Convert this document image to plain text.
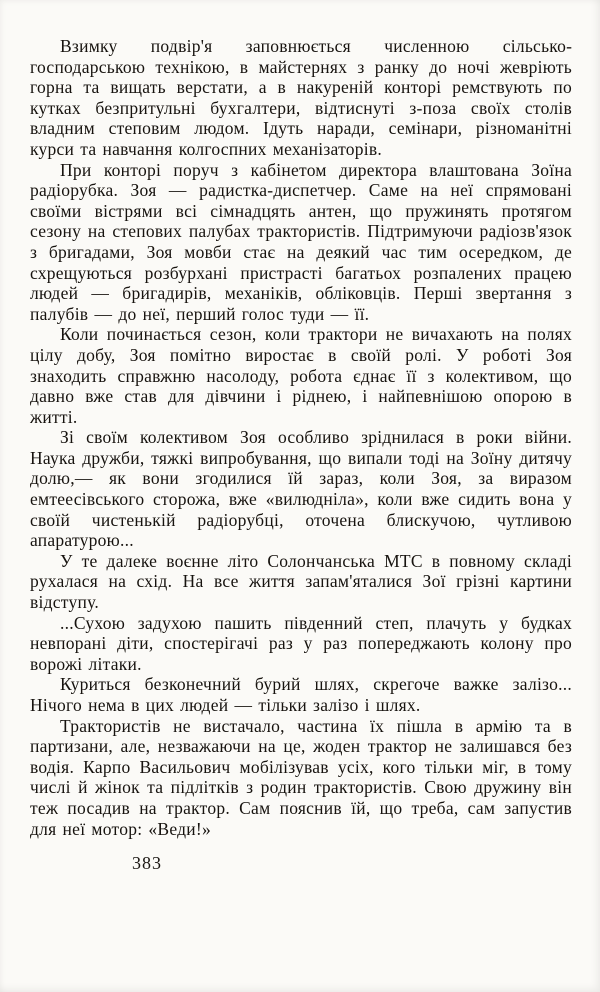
Взимку подвір'я заповнюється численною сільськогосподарською технікою, в майстернях з ранку до ночі жевріють горна та вищать верстати, а в накуреній конторі ремствують по кутках безпритульні бухгалтери, відтиснуті з-поза своїх столів владним степовим людом. Ідуть наради, семінари, різноманітні курси та навчання колгоспних механізаторів.

При конторі поруч з кабінетом директора влаштована Зоїна радіорубка. Зоя — радистка-диспетчер. Саме на неї спрямовані своїми вістрями всі сімнадцять антен, що пружинять протягом сезону на степових палубах трактористів. Підтримуючи радіозв'язок з бригадами, Зоя мовби стає на деякий час тим осередком, де схрещуються розбурхані пристрасті багатьох розпалених працею людей — бригадирів, механіків, обліковців. Перші звертання з палубів — до неї, перший голос туди — її.

Коли починається сезон, коли трактори не вичахають на полях цілу добу, Зоя помітно виростає в своїй ролі. У роботі Зоя знаходить справжню насолоду, робота єднає її з колективом, що давно вже став для дівчини і ріднею, і найпевнішою опорою в житті.

Зі своїм колективом Зоя особливо зріднилася в роки війни. Наука дружби, тяжкі випробування, що випали тоді на Зоїну дитячу долю,— як вони згодилися їй зараз, коли Зоя, за виразом емтеесівського сторожа, вже «вилюдніла», коли вже сидить вона у своїй чистенькій радіорубці, оточена блискучою, чутливою апаратурою...

У те далеке воєнне літо Солончанська МТС в повному складі рухалася на схід. На все життя запам'яталися Зої грізні картини відступу.

...Сухою задухою пашить південний степ, плачуть у будках невпорані діти, спостерігачі раз у раз попереджають колону про ворожі літаки.

Куриться безконечний бурий шлях, скрегоче важке залізо... Нічого нема в цих людей — тільки залізо і шлях.

Трактористів не вистачало, частина їх пішла в армію та в партизани, але, незважаючи на це, жоден трактор не залишався без водія. Карпо Васильович мобілізував усіх, кого тільки міг, в тому числі й жінок та підлітків з родин трактористів. Свою дружину він теж посадив на трактор. Сам пояснив їй, що треба, сам запустив для неї мотор: «Веди!»

383
